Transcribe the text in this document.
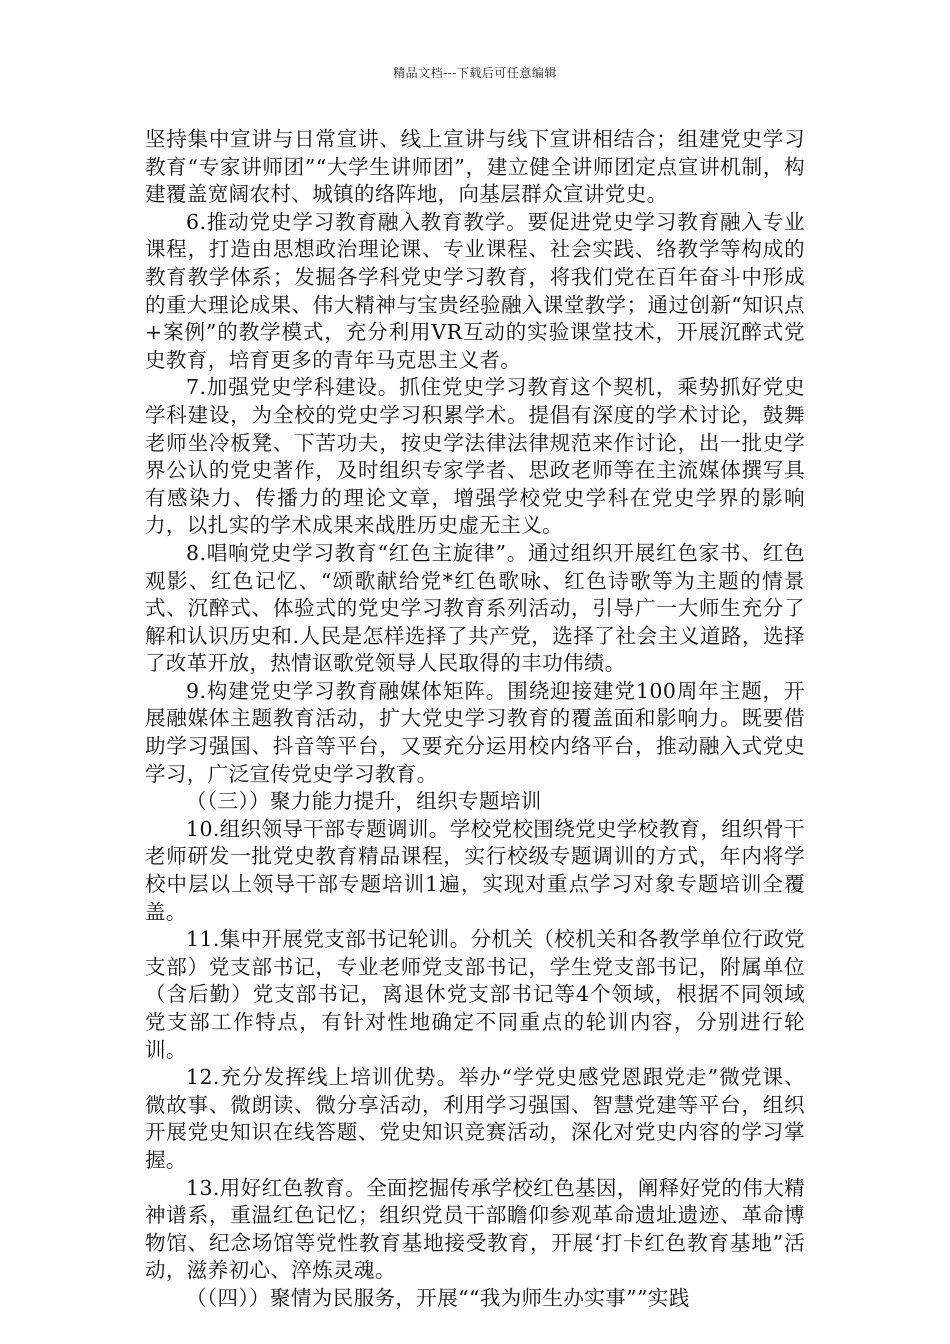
精品文档---下载后可任意编辑

坚持集中宣讲与日常宣讲、线上宣讲与线下宣讲相结合；组建党史学习教育“专家讲师团”“大学生讲师团”，建立健全讲师团定点宣讲机制，构建覆盖宽阔农村、城镇的络阵地，向基层群众宣讲党史。

6.推动党史学习教育融入教育教学。要促进党史学习教育融入专业课程，打造由思想政治理论课、专业课程、社会实践、络教学等构成的教育教学体系；发掘各学科党史学习教育，将我们党在百年奋斗中形成的重大理论成果、伟大精神与宝贵经验融入课堂教学；通过创新“知识点+案例”的教学模式，充分利用VR互动的实验课堂技术，开展沉醉式党史教育，培育更多的青年马克思主义者。

7.加强党史学科建设。抓住党史学习教育这个契机，乘势抓好党史学科建设，为全校的党史学习积累学术。提倡有深度的学术讨论，鼓舞老师坐冷板凳、下苦功夫，按史学法律法律规范来作讨论，出一批史学界公认的党史著作，及时组织专家学者、思政老师等在主流媒体撰写具有感染力、传播力的理论文章，增强学校党史学科在党史学界的影响力，以扎实的学术成果来战胜历史虚无主义。

8.唱响党史学习教育“红色主旋律”。通过组织开展红色家书、红色观影、红色记忆、“颂歌献给党*红色歌咏、红色诗歌等为主题的情景式、沉醉式、体验式的党史学习教育系列活动，引导广一大师生充分了解和认识历史和.人民是怎样选择了共产党，选择了社会主义道路，选择了改革开放，热情讴歌党领导人民取得的丰功伟绩。

9.构建党史学习教育融媒体矩阵。围绕迎接建党100周年主题，开展融媒体主题教育活动，扩大党史学习教育的覆盖面和影响力。既要借助学习强国、抖音等平台，又要充分运用校内络平台，推动融入式党史学习，广泛宣传党史学习教育。

（（三））聚力能力提升，组织专题培训

10.组织领导干部专题调训。学校党校围绕党史学校教育，组织骨干老师研发一批党史教育精品课程，实行校级专题调训的方式，年内将学校中层以上领导干部专题培训1遍，实现对重点学习对象专题培训全覆盖。

11.集中开展党支部书记轮训。分机关（校机关和各教学单位行政党支部）党支部书记，专业老师党支部书记，学生党支部书记，附属单位（含后勤）党支部书记，离退休党支部书记等4个领域，根据不同领域党支部工作特点，有针对性地确定不同重点的轮训内容，分别进行轮训。

12.充分发挥线上培训优势。举办“学党史感党恩跟党走”微党课、微故事、微朗读、微分享活动，利用学习强国、智慧党建等平台，组织开展党史知识在线答题、党史知识竞赛活动，深化对党史内容的学习掌握。

13.用好红色教育。全面挖掘传承学校红色基因，阐释好党的伟大精神谱系，重温红色记忆；组织党员干部瞻仰参观革命遗址遗迹、革命博物馆、纪念场馆等党性教育基地接受教育，开展‘打卡红色教育基地”活动，滋养初心、淬炼灵魂。

（（四））聚情为民服务，开展““我为师生办实事””实践
